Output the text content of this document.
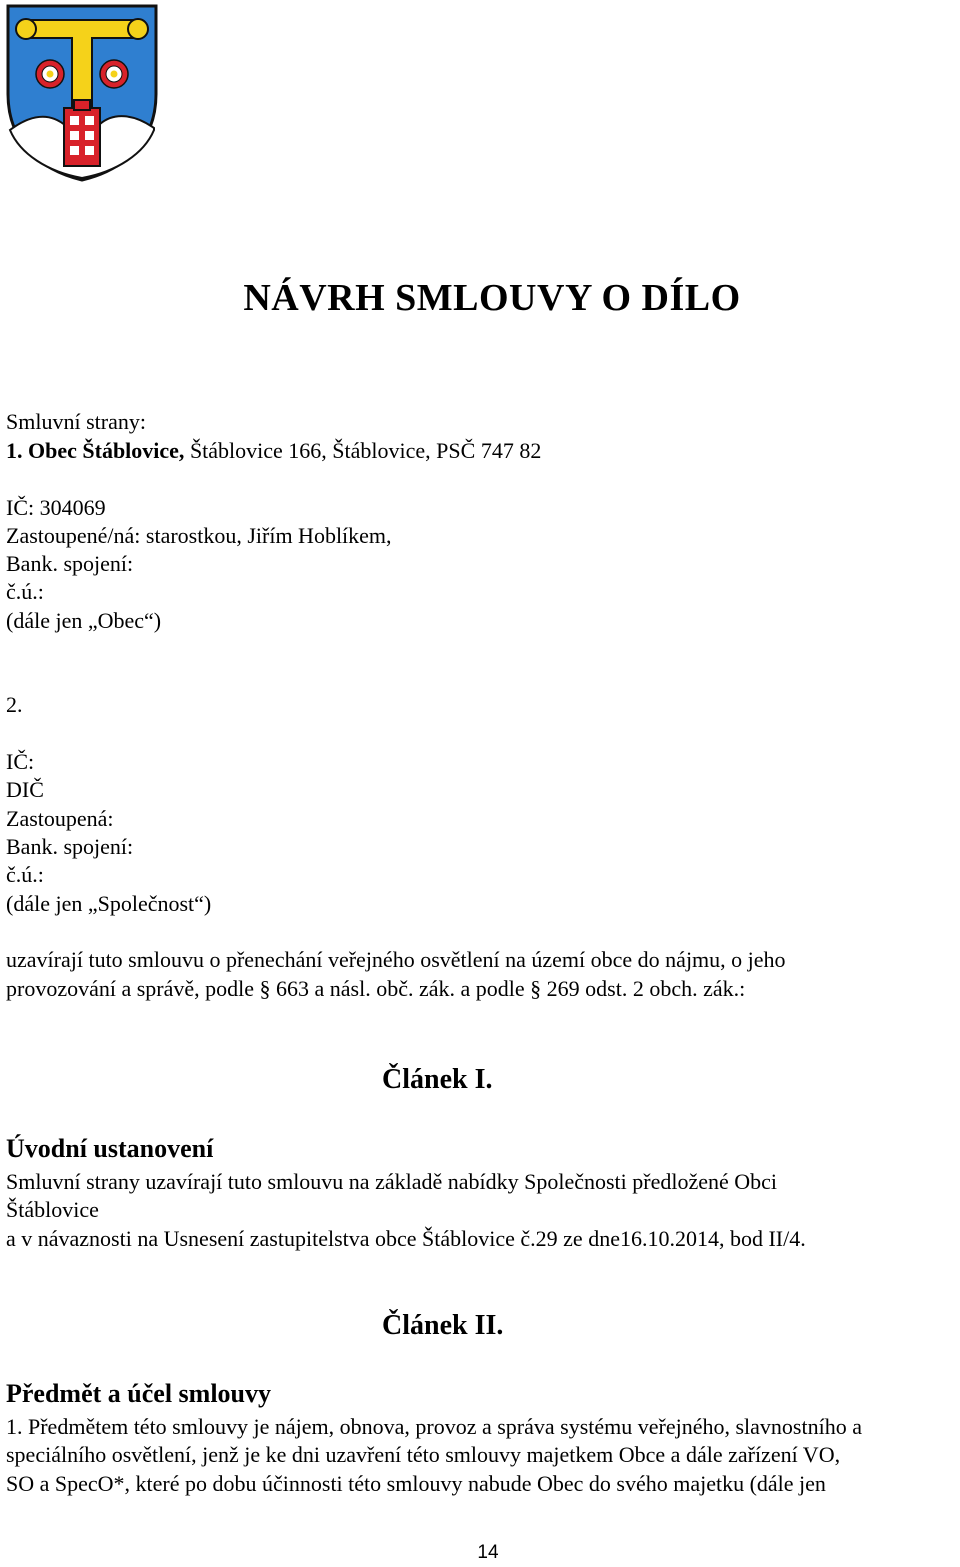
NÁVRH SMLOUVY O DÍLO
Smluvní strany:
1. Obec Štáblovice, Štáblovice 166, Štáblovice, PSČ 747 82
IČ: 304069
Zastoupené/ná: starostkou, Jiřím Hoblíkem,
Bank. spojení:
č.ú.:
(dále jen „Obec“)
2.
IČ:
DIČ
Zastoupená:
Bank. spojení:
č.ú.:
(dále jen „Společnost“)
uzavírají tuto smlouvu o přenechání veřejného osvětlení na území obce do nájmu, o jeho
provozování a správě, podle § 663 a násl. obč. zák. a podle § 269 odst. 2 obch. zák.:
Článek I.
Úvodní ustanovení
Smluvní strany uzavírají tuto smlouvu na základě nabídky Společnosti předložené Obci
Štáblovice
a v návaznosti na Usnesení zastupitelstva obce Štáblovice č.29 ze dne16.10.2014, bod II/4.
Článek II.
Předmět a účel smlouvy
1. Předmětem této smlouvy je nájem, obnova, provoz a správa systému veřejného, slavnostního a
speciálního osvětlení, jenž je ke dni uzavření této smlouvy majetkem Obce a dále zařízení VO,
SO a SpecO*, které po dobu účinnosti této smlouvy nabude Obec do svého majetku (dále jen
14
